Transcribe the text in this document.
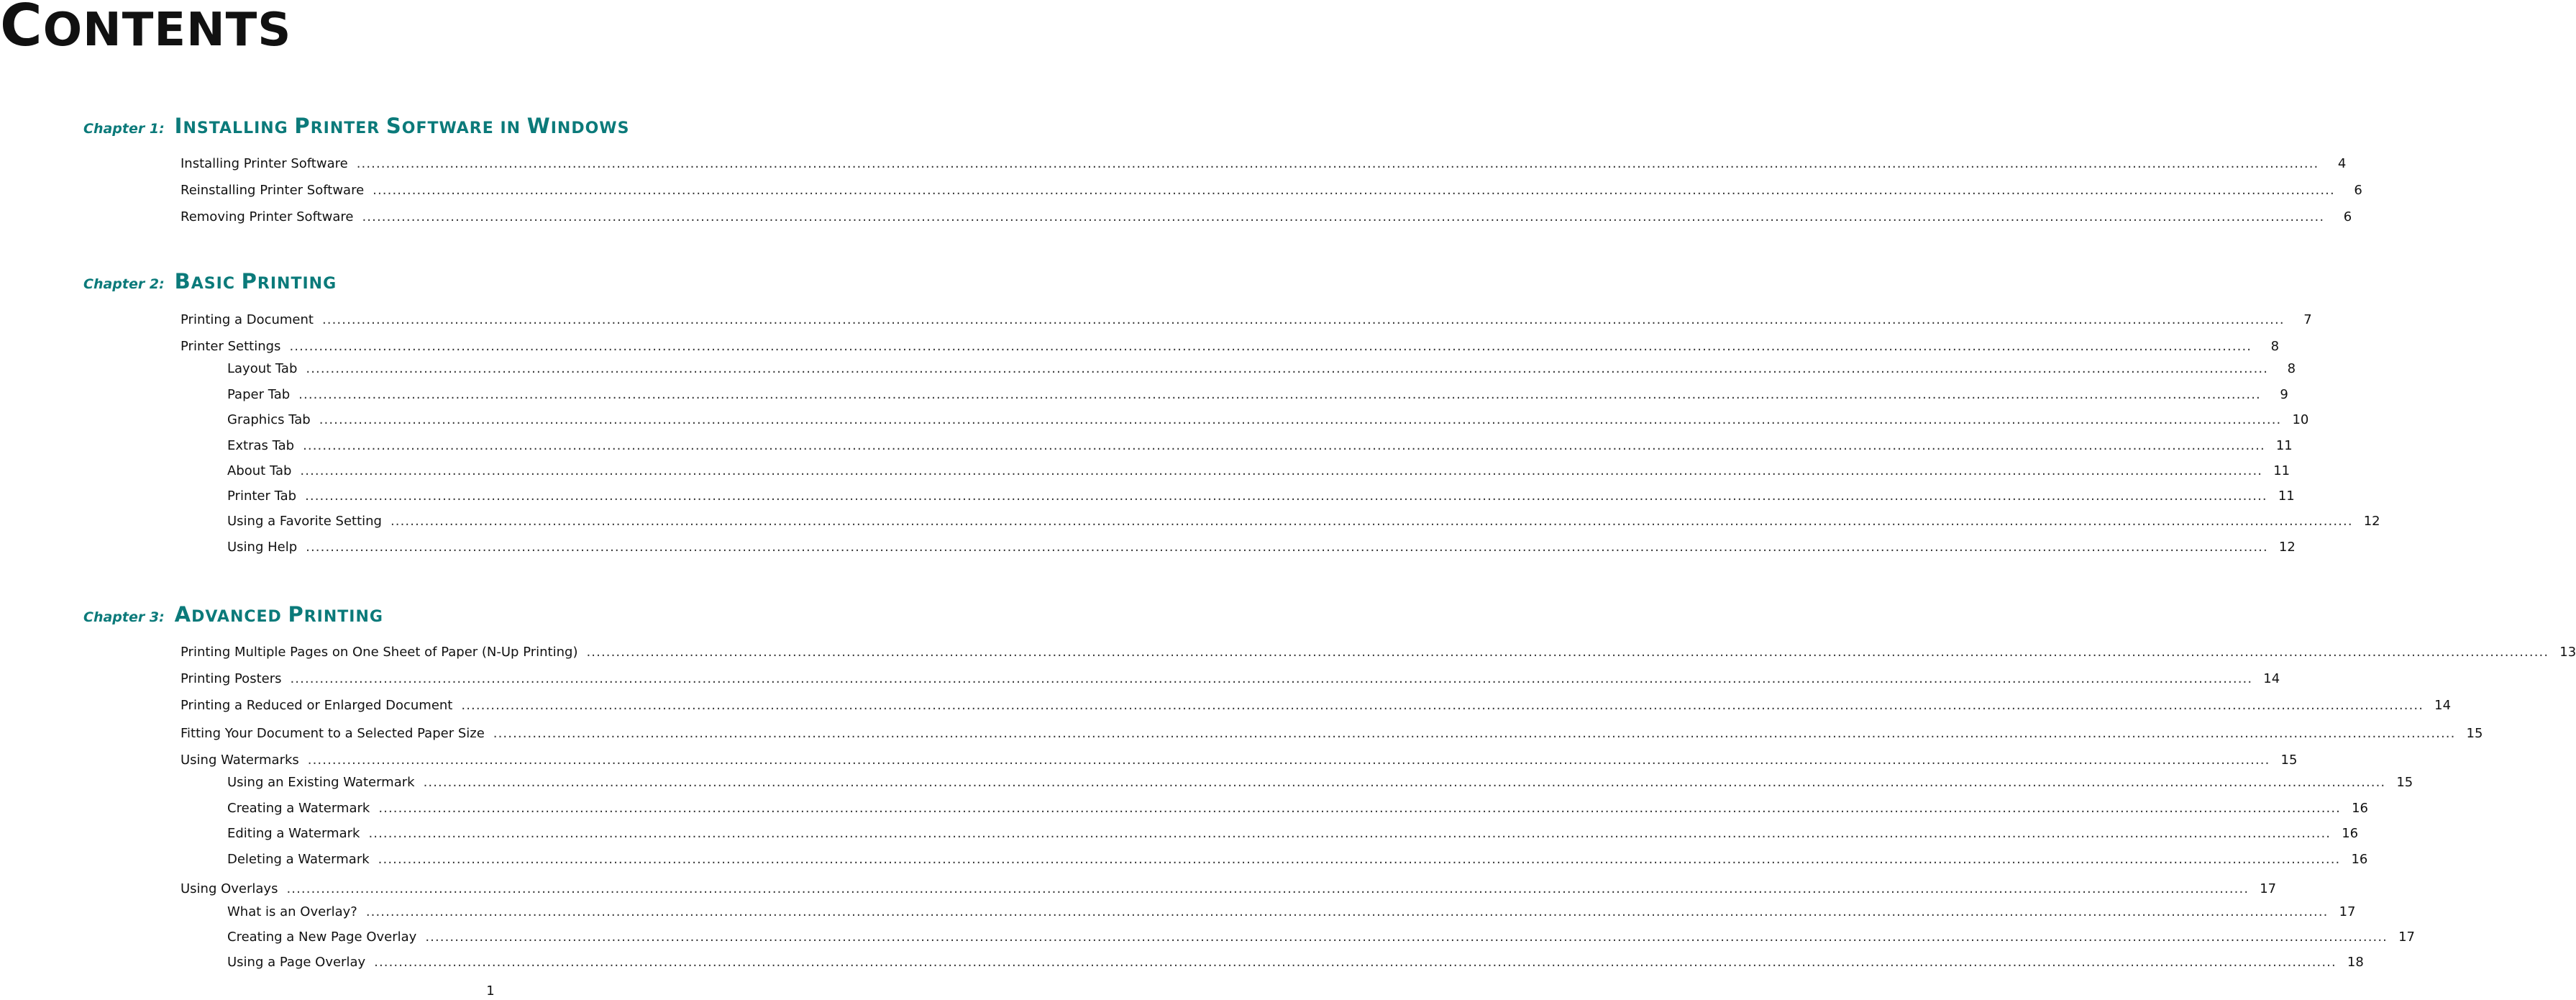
CONTENTS
Chapter 1: INSTALLING PRINTER SOFTWARE IN WINDOWS
Installing Printer Software ................................................................................................................................................................................................................................................................................................................................................................................................................	4
Reinstalling Printer Software ................................................................................................................................................................................................................................................................................................................................................................................................................	6
Removing Printer Software ................................................................................................................................................................................................................................................................................................................................................................................................................	6
Chapter 2: BASIC PRINTING
Printing a Document ................................................................................................................................................................................................................................................................................................................................................................................................................	7
Printer Settings ................................................................................................................................................................................................................................................................................................................................................................................................................	8
Layout Tab ................................................................................................................................................................................................................................................................................................................................................................................................................	8
Paper Tab ................................................................................................................................................................................................................................................................................................................................................................................................................	9
Graphics Tab ................................................................................................................................................................................................................................................................................................................................................................................................................ 10
Extras Tab ................................................................................................................................................................................................................................................................................................................................................................................................................ 11
About Tab ................................................................................................................................................................................................................................................................................................................................................................................................................ 11
Printer Tab ................................................................................................................................................................................................................................................................................................................................................................................................................ 11
Using a Favorite Setting ................................................................................................................................................................................................................................................................................................................................................................................................................ 12
Using Help ................................................................................................................................................................................................................................................................................................................................................................................................................ 12
Chapter 3: ADVANCED PRINTING
Printing Multiple Pages on One Sheet of Paper (N-Up Printing) ................................................................................................................................................................................................................................................................................................................................................................................................................ 13
Printing Posters ................................................................................................................................................................................................................................................................................................................................................................................................................ 14
Printing a Reduced or Enlarged Document ................................................................................................................................................................................................................................................................................................................................................................................................................ 14
Fitting Your Document to a Selected Paper Size ................................................................................................................................................................................................................................................................................................................................................................................................................ 15
Using Watermarks ................................................................................................................................................................................................................................................................................................................................................................................................................ 15
Using an Existing Watermark ................................................................................................................................................................................................................................................................................................................................................................................................................ 15
Creating a Watermark ................................................................................................................................................................................................................................................................................................................................................................................................................ 16
Editing a Watermark ................................................................................................................................................................................................................................................................................................................................................................................................................ 16
Deleting a Watermark ................................................................................................................................................................................................................................................................................................................................................................................................................ 16
Using Overlays ................................................................................................................................................................................................................................................................................................................................................................................................................ 17
What is an Overlay? ................................................................................................................................................................................................................................................................................................................................................................................................................ 17
Creating a New Page Overlay ................................................................................................................................................................................................................................................................................................................................................................................................................ 17
Using a Page Overlay ................................................................................................................................................................................................................................................................................................................................................................................................................ 18
1
